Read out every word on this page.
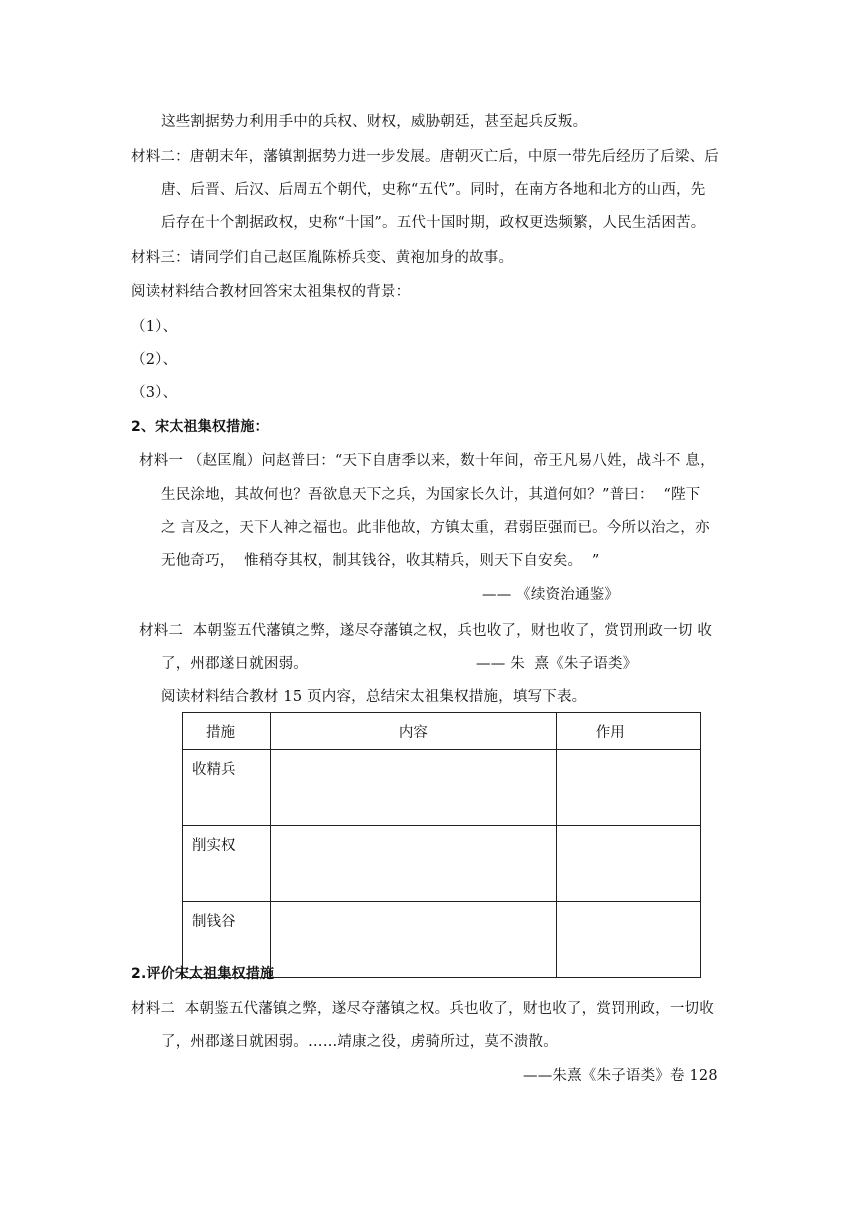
这些割据势力利用手中的兵权、财权，威胁朝廷，甚至起兵反叛。
材料二：唐朝末年，藩镇割据势力进一步发展。唐朝灭亡后，中原一带先后经历了后梁、后
唐、后晋、后汉、后周五个朝代，史称“五代”。同时，在南方各地和北方的山西，先
后存在十个割据政权，史称“十国”。五代十国时期，政权更迭频繁，人民生活困苦。
材料三：请同学们自己赵匡胤陈桥兵变、黄袍加身的故事。
阅读材料结合教材回答宋太祖集权的背景：
（1）、
（2）、
（3）、
2、宋太祖集权措施：
材料一 （赵匡胤）问赵普曰：“天下自唐季以来，数十年间，帝王凡易八姓，战斗不 息，
生民涂地，其故何也？吾欲息天下之兵，为国家长久计，其道何如？”普曰：  “陛下
之 言及之，天下人神之福也。此非他故，方镇太重，君弱臣强而已。今所以治之，亦
无他奇巧，  惟稍夺其权，制其钱谷，收其精兵，则天下自安矣。  ”
—— 《续资治通鉴》
材料二  本朝鉴五代藩镇之弊，遂尽夺藩镇之权，兵也收了，财也收了，赏罚刑政一切 收
了，州郡遂日就困弱。	—— 朱  熹《朱子语类》
阅读材料结合教材 15 页内容，总结宋太祖集权措施，填写下表。
措施	内容	作用
收精兵		
削实权		
制钱谷		
2.评价宋太祖集权措施
材料二  本朝鉴五代藩镇之弊，遂尽夺藩镇之权。兵也收了，财也收了，赏罚刑政，一切收
了，州郡遂日就困弱。……靖康之役，虏骑所过，莫不溃散。
——朱熹《朱子语类》卷 128
